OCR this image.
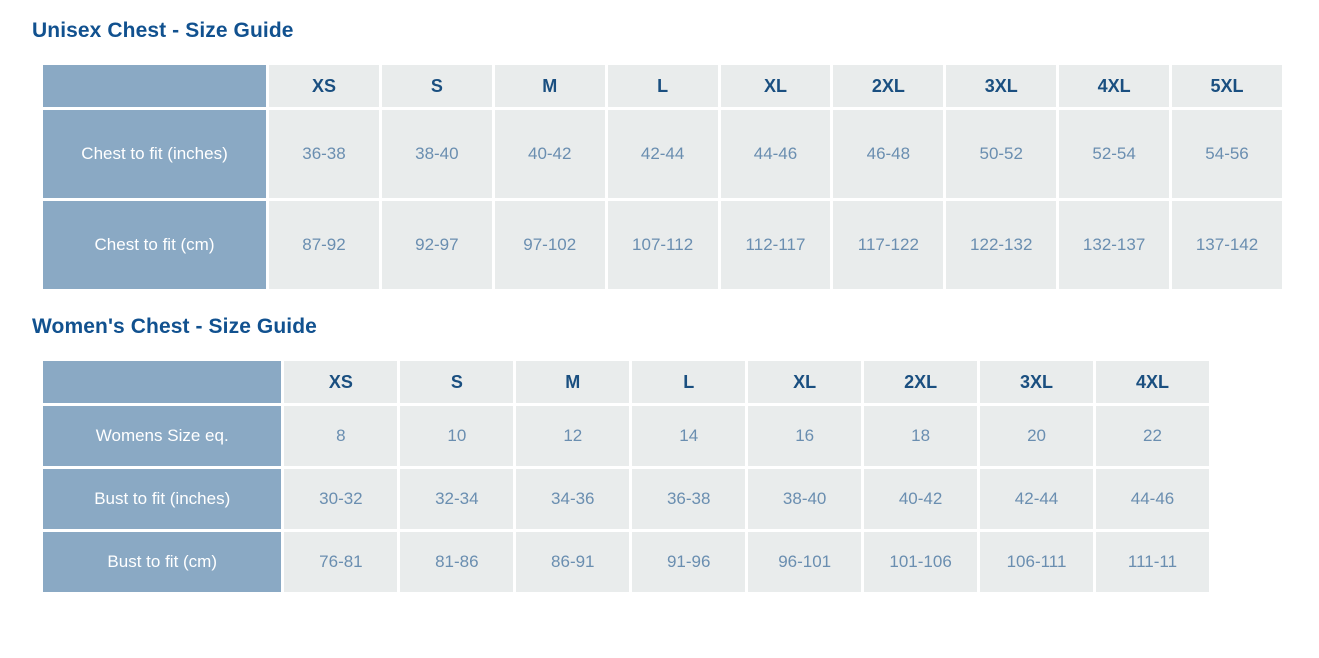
Unisex Chest - Size Guide
	XS	S	M	L	XL	2XL	3XL	4XL	5XL
Chest to fit (inches)	36-38	38-40	40-42	42-44	44-46	46-48	50-52	52-54	54-56
Chest to fit (cm)	87-92	92-97	97-102	107-112	112-117	117-122	122-132	132-137	137-142
Women's Chest - Size Guide
	XS	S	M	L	XL	2XL	3XL	4XL
Womens Size eq.	8	10	12	14	16	18	20	22
Bust to fit (inches)	30-32	32-34	34-36	36-38	38-40	40-42	42-44	44-46
Bust to fit (cm)	76-81	81-86	86-91	91-96	96-101	101-106	106-111	111-11
